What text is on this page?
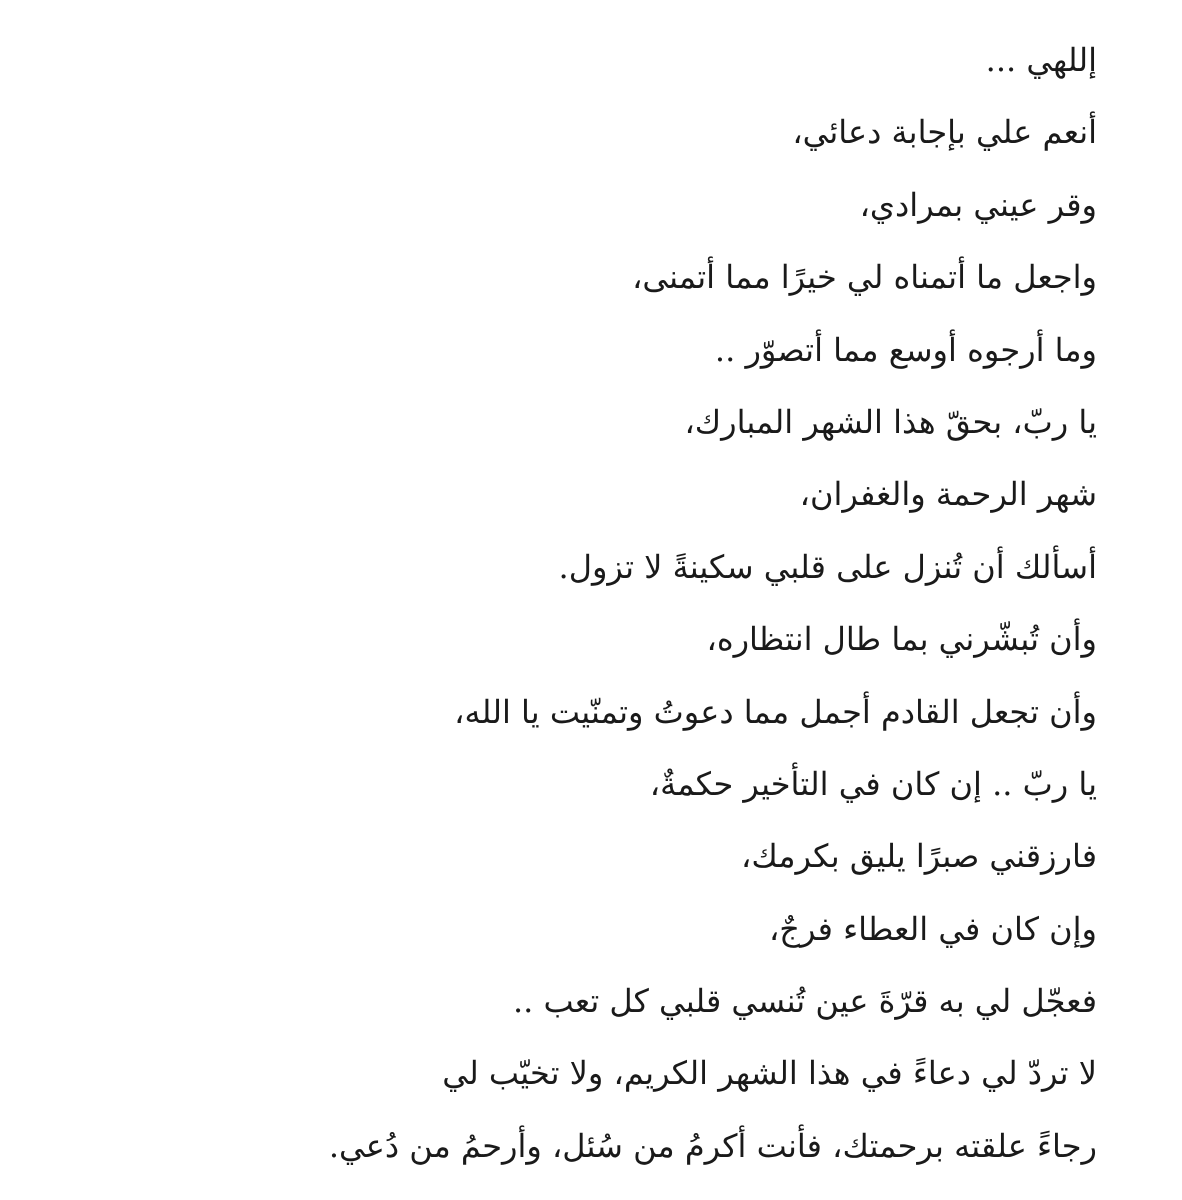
إللهي ...
أنعم علي بإجابة دعائي،
وقر عيني بمرادي،
واجعل ما أتمناه لي خيرًا مما أتمنى،
وما أرجوه أوسع مما أتصوّر ..
يا ربّ، بحقّ هذا الشهر المبارك،
شهر الرحمة والغفران،
أسألك أن تُنزل على قلبي سكينةً لا تزول.
وأن تُبشّرني بما طال انتظاره،
وأن تجعل القادم أجمل مما دعوتُ وتمنّيت يا الله،
يا ربّ .. إن كان في التأخير حكمةٌ،
فارزقني صبرًا يليق بكرمك،
وإن كان في العطاء فرجٌ،
فعجّل لي به قرّةَ عين تُنسي قلبي كل تعب ..
لا تردّ لي دعاءً في هذا الشهر الكريم، ولا تخيّب لي
رجاءً علقته برحمتك، فأنت أكرمُ من سُئل، وأرحمُ من دُعي.
